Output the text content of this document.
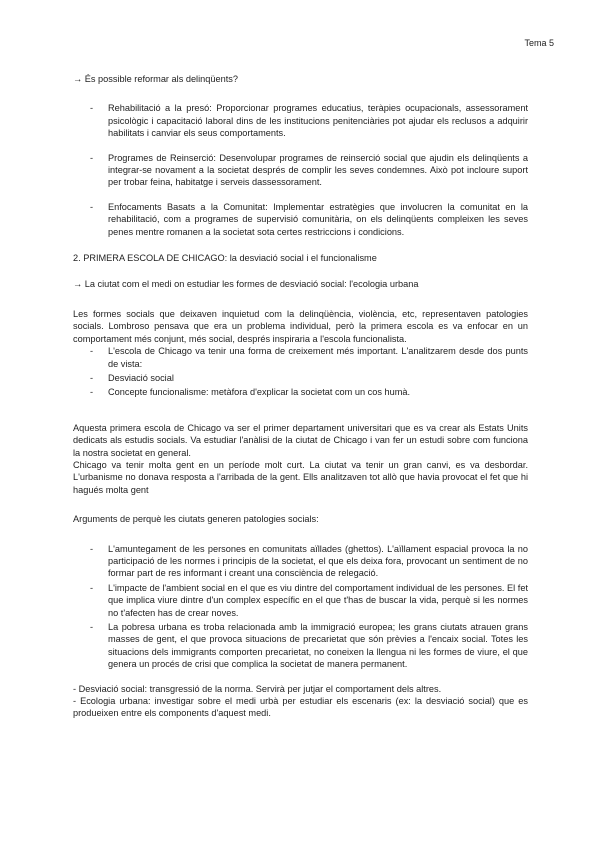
Tema 5

→ És possible reformar als delinqüents?

- Rehabilitació a la presó: Proporcionar programes educatius, teràpies ocupacionals, assessorament psicològic i capacitació laboral dins de les institucions penitenciàries pot ajudar els reclusos a adquirir habilitats i canviar els seus comportaments.
- Programes de Reinserció: Desenvolupar programes de reinserció social que ajudin els delinqüents a integrar-se novament a la societat després de complir les seves condemnes. Això pot incloure suport per trobar feina, habitatge i serveis dassessorament.
- Enfocaments Basats a la Comunitat: Implementar estratègies que involucren la comunitat en la rehabilitació, com a programes de supervisió comunitària, on els delinqüents compleixen les seves penes mentre romanen a la societat sota certes restriccions i condicions.

2. PRIMERA ESCOLA DE CHICAGO: la desviació social i el funcionalisme

→ La ciutat com el medi on estudiar les formes de desviació social: l'ecologia urbana

Les formes socials que deixaven inquietud com la delinqüència, violència, etc, representaven patologies socials. Lombroso pensava que era un problema individual, però la primera escola es va enfocar en un comportament més conjunt, més social, després inspiraria a l'escola funcionalista.

- L'escola de Chicago va tenir una forma de creixement més important. L'analitzarem desde dos punts de vista:
- Desviació social
- Concepte funcionalisme: metàfora d'explicar la societat com un cos humà.

Aquesta primera escola de Chicago va ser el primer departament universitari que es va crear als Estats Units dedicats als estudis socials. Va estudiar l'anàlisi de la ciutat de Chicago i van fer un estudi sobre com funciona la nostra societat en general.

Chicago va tenir molta gent en un període molt curt. La ciutat va tenir un gran canvi, es va desbordar. L'urbanisme no donava resposta a l'arribada de la gent. Ells analitzaven tot allò que havia provocat el fet que hi hagués molta gent

Arguments de perquè les ciutats generen patologies socials:

- L'amuntegament de les persones en comunitats aïllades (ghettos). L'aïllament espacial provoca la no participació de les normes i principis de la societat, el que els deixa fora, provocant un sentiment de no formar part de res informant i creant una consciència de relegació.
- L'impacte de l'ambient social en el que es viu dintre del comportament individual de les persones. El fet que implica viure dintre d'un complex específic en el que t'has de buscar la vida, perquè si les normes no t'afecten has de crear noves.
- La pobresa urbana es troba relacionada amb la immigració europea; les grans ciutats atrauen grans masses de gent, el que provoca situacions de precarietat que són prèvies a l'encaix social. Totes les situacions dels immigrants comporten precarietat, no coneixen la llengua ni les formes de viure, el que genera un procés de crisi que complica la societat de manera permanent.

- Desviació social: transgressió de la norma. Servirà per jutjar el comportament dels altres.

- Ecologia urbana: investigar sobre el medi urbà per estudiar els escenaris (ex: la desviació social) que es produeixen entre els components d'aquest medi.
